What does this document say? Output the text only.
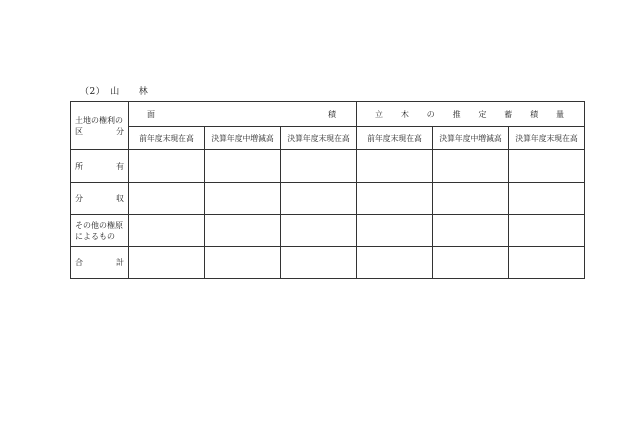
（2）　山　　林
土地の権利の
区　　　分	面　　　　　　　　　　積			立　木　の　推　定　蓄　積　量		
	前年度末現在高	決算年度中増減高	決算年度末現在高	前年度末現在高	決算年度中増減高	決算年度末現在高

所　　有						

分　　収						

その他の権原
によるもの						

合　　計						
